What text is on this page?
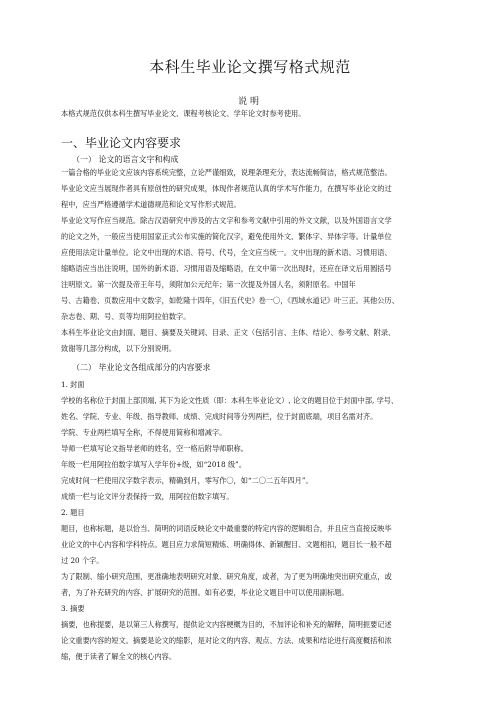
本科生毕业论文撰写格式规范
说明
本格式规范仅供本科生撰写毕业论文、课程考核论文、学年论文时参考使用。
一、毕业论文内容要求
（一） 论文的语言文字和构成
一篇合格的毕业论文应该内容系统完整，立论严谨细致，说理条理充分，表达流畅简洁，格式规范整洁。
毕业论文应当展现作者具有原创性的研究成果，体现作者规范认真的学术写作能力，在撰写毕业论文的过
程中，应当严格遵循学术道德规范和论文写作形式规范。
毕业论文写作应当规范。除古汉语研究中涉及的古文字和参考文献中引用的外文文献，以及外国语言文学
的论文之外，一般应当使用国家正式公布实施的简化汉字，避免使用外文、繁体字、异体字等。计量单位
应使用法定计量单位。论文中出现的术语、符号、代号，全文应当统一。文中出现的新术语、习惯用语、
缩略语应当出注说明，国外的新术语、习惯用语及缩略语，在文中第一次出现时，还应在译文后用圆括号
注明原文。第一次提及帝王年号，须附加公元纪年；第一次提及外国人名，须附原名。中国年
号、古籍卷、页数应用中文数字，如乾隆十四年，《旧五代史》卷一〇，《西域水道记》叶三正。其他公历、
杂志卷、期、号、页等均用阿拉伯数字。
本科生毕业论文由封面、题目、摘要及关键词、目录、正文（包括引言、主体、结论）、参考文献、附录、
致谢等几部分构成，以下分别说明。
（二） 毕业论文各组成部分的内容要求
1. 封面
学校的名称位于封面上部顶端, 其下为论文性质（即：本科生毕业论文）, 论文的题目位于封面中部, 学号、
姓名、学院、专业、年级、指导教师、成绩、完成时间等分列两栏，位于封面底端，项目名需对齐。
学院、专业两栏填写全称，不得使用简称和增减字。
导师一栏填写论文指导老师的姓名，空一格后附导师职称。
年级一栏用阿拉伯数字填写入学年份+级，如“2018 级”。
完成时间一栏使用汉字数字表示，精确到月，零写作〇，如“二〇二五年四月”。
成绩一栏与论文评分表保持一致，用阿拉伯数字填写。
2. 题目
题目，也称标题，是以恰当、简明的词语反映论文中最重要的特定内容的逻辑组合，并且应当直接反映毕
业论文的中心内容和学科特点。题目应力求简短精炼、明确得体、新颖醒目、文题相扣，题目长一般不超
过 20 个字。
为了限制、缩小研究范围，更准确地表明研究对象、研究角度，或者，为了更为明确地突出研究重点，或
者，为了补充研究的内容、扩展研究的范围。如有必要，毕业论文题目中可以使用副标题。
3. 摘要
摘要，也称提要，是以第三人称撰写，提供论文内容梗概为目的，不加评论和补充的解释，简明扼要记述
论文重要内容的短文。摘要是论文的缩影，是对论文的内容、观点、方法、成果和结论进行高度概括和浓
缩，便于读者了解全文的核心内容。
